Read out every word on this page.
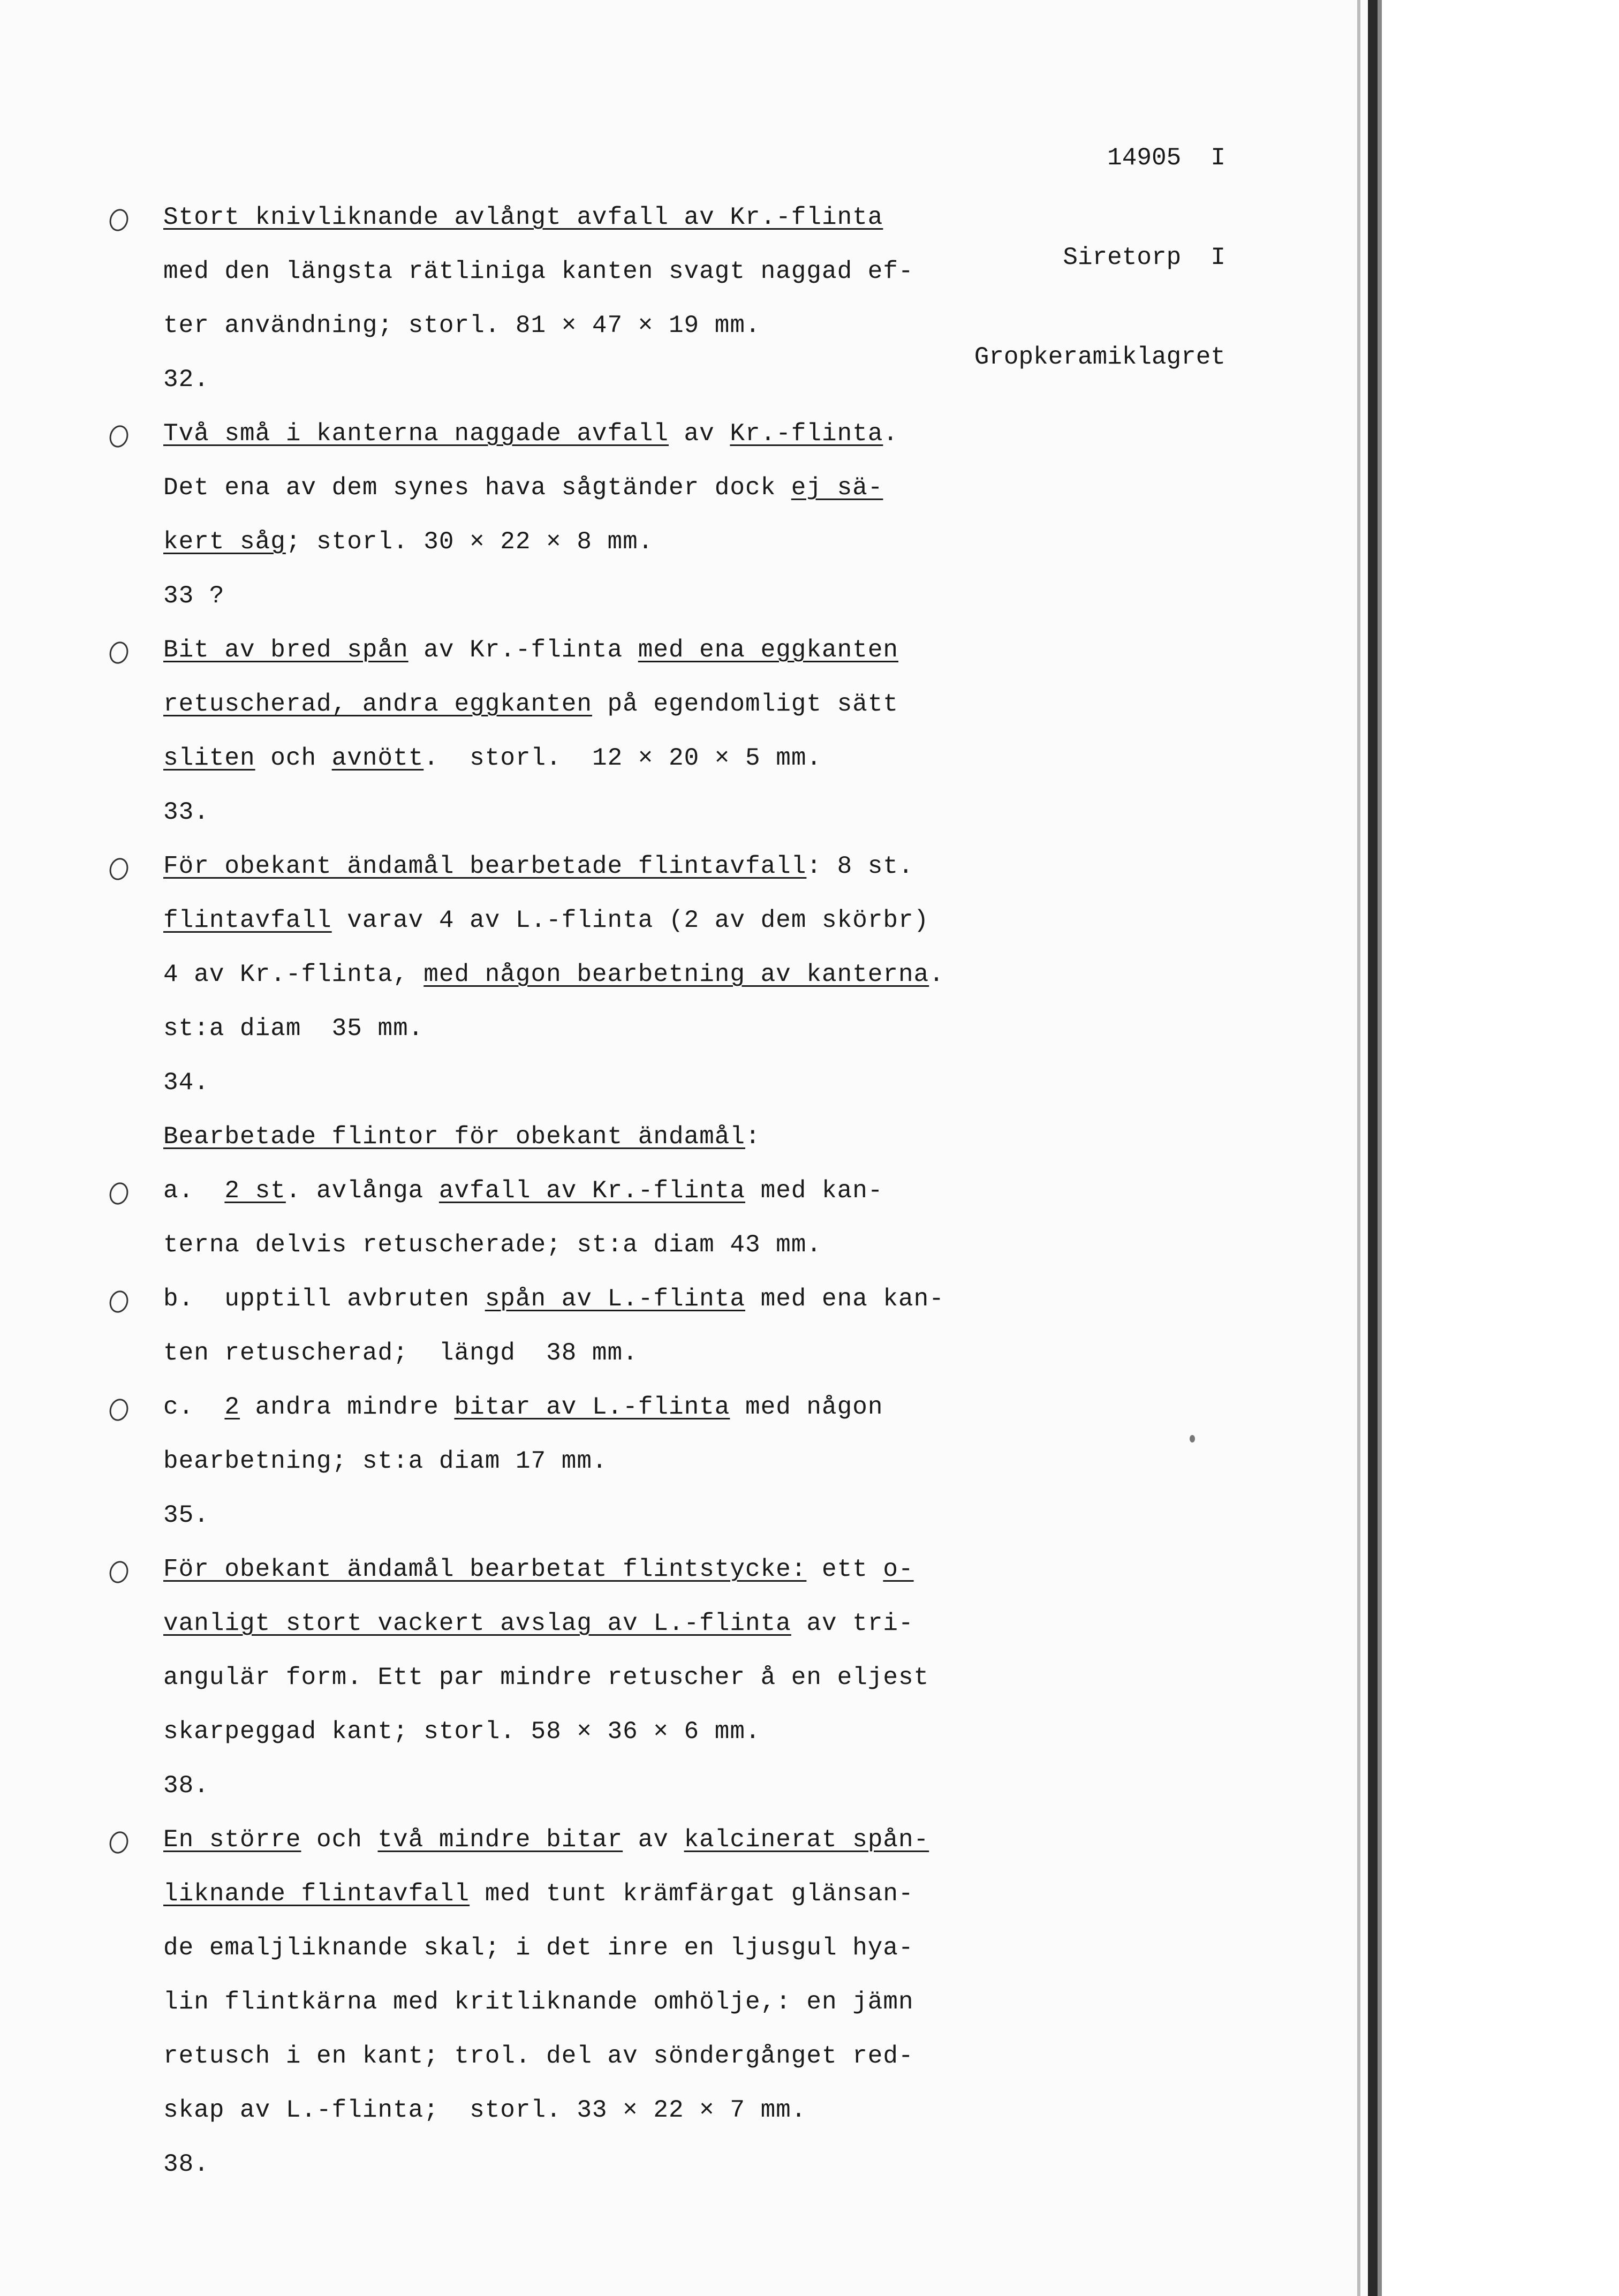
14905  I

Siretorp  I

Gropkeramiklagret

Stort knivliknande avlångt avfall av Kr.-flinta
med den längsta rätliniga kanten svagt naggad ef-
ter användning; storl. 81 × 47 × 19 mm.
32.
Två små i kanterna naggade avfall av Kr.-flinta.
Det ena av dem synes hava sågtänder dock ej sä-
kert såg; storl. 30 × 22 × 8 mm.
33 ?
Bit av bred spån av Kr.-flinta med ena eggkanten
retuscherad, andra eggkanten på egendomligt sätt
sliten och avnött.  storl.  12 × 20 × 5 mm.
33.
För obekant ändamål bearbetade flintavfall: 8 st.
flintavfall varav 4 av L.-flinta (2 av dem skörbr)
4 av Kr.-flinta, med någon bearbetning av kanterna.
st:a diam  35 mm.
34.
Bearbetade flintor för obekant ändamål:
a.  2 st. avlånga avfall av Kr.-flinta med kan-
terna delvis retuscherade; st:a diam 43 mm.
b.  upptill avbruten spån av L.-flinta med ena kan-
ten retuscherad;  längd  38 mm.
c.  2 andra mindre bitar av L.-flinta med någon
bearbetning; st:a diam 17 mm.
35.
För obekant ändamål bearbetat flintstycke: ett o-
vanligt stort vackert avslag av L.-flinta av tri-
angulär form. Ett par mindre retuscher å en eljest
skarpeggad kant; storl. 58 × 36 × 6 mm.
38.
En större och två mindre bitar av kalcinerat spån-
liknande flintavfall med tunt krämfärgat glänsan-
de emaljliknande skal; i det inre en ljusgul hya-
lin flintkärna med kritliknande omhölje,: en jämn
retusch i en kant; trol. del av söndergånget red-
skap av L.-flinta;  storl. 33 × 22 × 7 mm.
38.
